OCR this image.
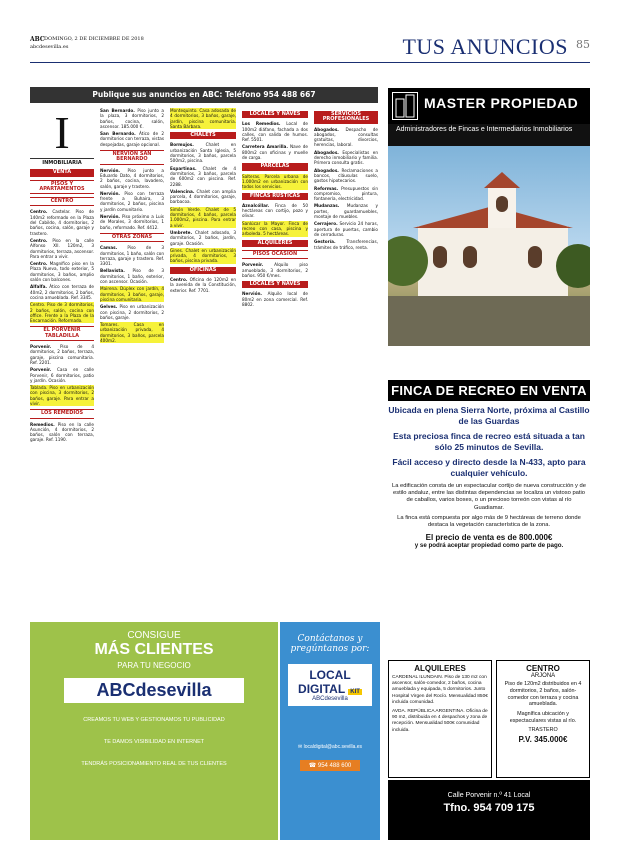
ABC DOMINGO, 2 DE DICIEMBRE DE 2018
abcdesevilla.es	TUS ANUNCIOS 85
Publique sus anuncios en ABC: Teléfono 954 488 667
I
INMOBILIARIA
VENTA
PISOS Y APARTAMENTOS
CENTRO

Centro. Castelar. Piso de 140m2 reformado en la Plaza del Cabildo, 4 dormitorios, 2 baños, cocina, salón, garaje y trastero.

Centro. Piso en la calle Alfonso XII. 120m2, 3 dormitorios, terraza, ascensor. Para entrar a vivir.

Centro. Magnífico piso en la Plaza Nueva, todo exterior, 5 dormitorios, 3 baños, amplio salón con balcones.

Alfalfa. Ático con terraza de 40m2, 2 dormitorios, 2 baños, cocina amueblada. Ref. 3345.

Centro. Piso de 3 dormitorios, 2 baños, salón, cocina con office. Frente a la Plaza de la Encarnación. Reformado.

EL PORVENIR TABLADILLA

Porvenir. Piso de 4 dormitorios, 2 baños, terraza, garaje, piscina comunitaria. Ref. 2201.

Porvenir. Casa en calle Porvenir, 6 dormitorios, patio y jardín. Ocasión.

Tablada. Piso en urbanización con piscina, 3 dormitorios, 2 baños, garaje. Para entrar a vivir.

LOS REMEDIOS

Remedios. Piso en la calle Asunción, 4 dormitorios, 2 baños, salón con terraza, garaje. Ref. 1190.

San Bernardo. Piso junto a la plaza, 3 dormitorios, 2 baños, cocina, salón, ascensor. 185.000 €.

San Bernardo. Ático de 2 dormitorios con terraza, vistas despejadas, garaje opcional.

NERVIÓN SAN BERNARDO

Nervión. Piso junto a Eduardo Dato, 4 dormitorios, 2 baños, cocina, lavadero, salón, garaje y trastero.

Nervión. Piso con terraza frente a Buhaira, 3 dormitorios, 2 baños, piscina y jardín comunitario.

Nervión. Piso próximo a Luis de Morales, 3 dormitorios, 1 baño, reformado. Ref. 4412.

OTRAS ZONAS

Camas. Piso de 3 dormitorios, 1 baño, salón con terraza, garaje y trastero. Ref. 3301.

Bellavista. Piso de 3 dormitorios, 1 baño, exterior, con ascensor. Ocasión.

Mairena. Dúplex con jardín, 4 dormitorios, 3 baños, garaje, piscina comunitaria.

Gelves. Piso en urbanización con piscina, 2 dormitorios, 2 baños, garaje.

Tomares. Casa en urbanización privada, 4 dormitorios, 3 baños, parcela 400m2.

Montequinto. Casa adosada de 4 dormitorios, 3 baños, garaje, jardín, piscina comunitaria. Santa Bárbara.

CHALETS

Bormujos.	Chalet en urbanización Santa Iglesia, 5 dormitorios, 3 baños, parcela 500m2, piscina.

Espartinas. Chalet de 4 dormitorios, 3 baños, parcela de 600m2 con piscina. Ref. 2288.

Valencina. Chalet con amplia parcela, 4 dormitorios, garaje, barbacoa.

Simón Verde. Chalet de 5 dormitorios, 4 baños, parcela 1.000m2, piscina. Para entrar a vivir.

Umbrete. Chalet adosado, 3 dormitorios, 2 baños, jardín, garaje. Ocasión.

Gines. Chalet en urbanización privada, 4 dormitorios, 3 baños, piscina privada.

OFICINAS

Centro. Oficina de 120m2 en la avenida de la Constitución, exterior. Ref. 7701.

LOCALES Y NAVES

Los Remedios. Local de 100m2 diáfano, fachada a dos calles, con salida de humos. Ref. 5501.

Carretera Amarilla. Nave de 800m2 con oficinas y muelle de carga.

PARCELAS

Salteras. Parcela urbana de 1.000m2 en urbanización con todos los servicios.

FINCAS RÚSTICAS

Aznalcóllar. Finca de 50 hectáreas con cortijo, pozo y olivar.

Sanlúcar la Mayor. Finca de recreo con casa, piscina y arboleda. 5 hectáreas.

ALQUILERES
PISOS OCASIÓN

Porvenir.	Alquilo piso amueblado, 3 dormitorios, 2 baños. 950 €/mes.

LOCALES Y NAVES

Nervión. Alquilo local de 80m2 en zona comercial. Ref. 8802.

SERVICIOS PROFESIONALES

Abogados. Despacho de abogados, consultas gratuitas, divorcios, herencias, laboral.

Abogados. Especialistas en derecho inmobiliario y familia. Primera consulta gratis.

Abogados. Reclamaciones a bancos, cláusulas suelo, gastos hipotecarios.

Reformas. Presupuestos sin compromiso, pintura, fontanería, electricidad.

Mudanzas. Mudanzas y portes, guardamuebles, montaje de muebles.

Cerrajero. Servicio 24 horas, apertura de puertas, cambio de cerraduras.

Gestoría.	Transferencias, trámites de tráfico, renta.

MASTER PROPIEDAD
Administradores de Fincas e Intermediarios Inmobiliarios
FINCA DE RECREO EN VENTA
Ubicada en plena Sierra Norte, próxima al Castillo de las Guardas
Esta preciosa finca de recreo está situada a tan sólo 25 minutos de Sevilla.
Fácil acceso y directo desde la N-433, apto para cualquier vehículo.
La edificación consta de un espectacular cortijo de nueva construcción y de estilo andaluz, entre las distintas dependencias se localiza un vistoso patio de caballos, varios boxes, o un precioso torreón con vistas al río Guadiamar.
La finca está compuesta por algo más de 9 hectáreas de terreno donde destaca la vegetación característica de la zona.
El precio de venta es de 800.000€
y se podrá aceptar propiedad como parte de pago.
ALQUILERES
CARDENAL ILUNDAIN. Piso de 130 m2 con ascensor, salón-comedor, 2 baños, cocina amueblada y equipada, 5 dormitorios. Junto Hospital Virgen del Rocío. Mensualidad 850€ incluida comunidad.
AVDA. REPÚBLICA ARGENTINA. Oficina de 90 m2, distribuida en 4 despachos y zona de recepción. Mensualidad 500€ comunidad incluida.
CENTRO
ARJONA
Piso de 120m2 distribuidos en 4 dormitorios, 2 baños, salón-comedor con terraza y cocina amueblada.
Magnífica ubicación y espectaculares vistas al río.
TRASTERO
P.V. 345.000€
Calle Porvenir n.º 41 Local
Tfno. 954 709 175
CONSIGUE
MÁS CLIENTES
PARA TU NEGOCIO
ABCdesevilla
CREAMOS TU WEB Y GESTIONAMOS TU PUBLICIDAD
TE DAMOS VISIBILIDAD EN INTERNET
TENDRÁS POSICIONAMIENTO REAL DE TUS CLIENTES
Contáctanos y pregúntanos por:
LOCAL DIGITAL KIT
ABCdesevilla
✉ localdigital@abc.sevilla.es
☎ 954 488 600
